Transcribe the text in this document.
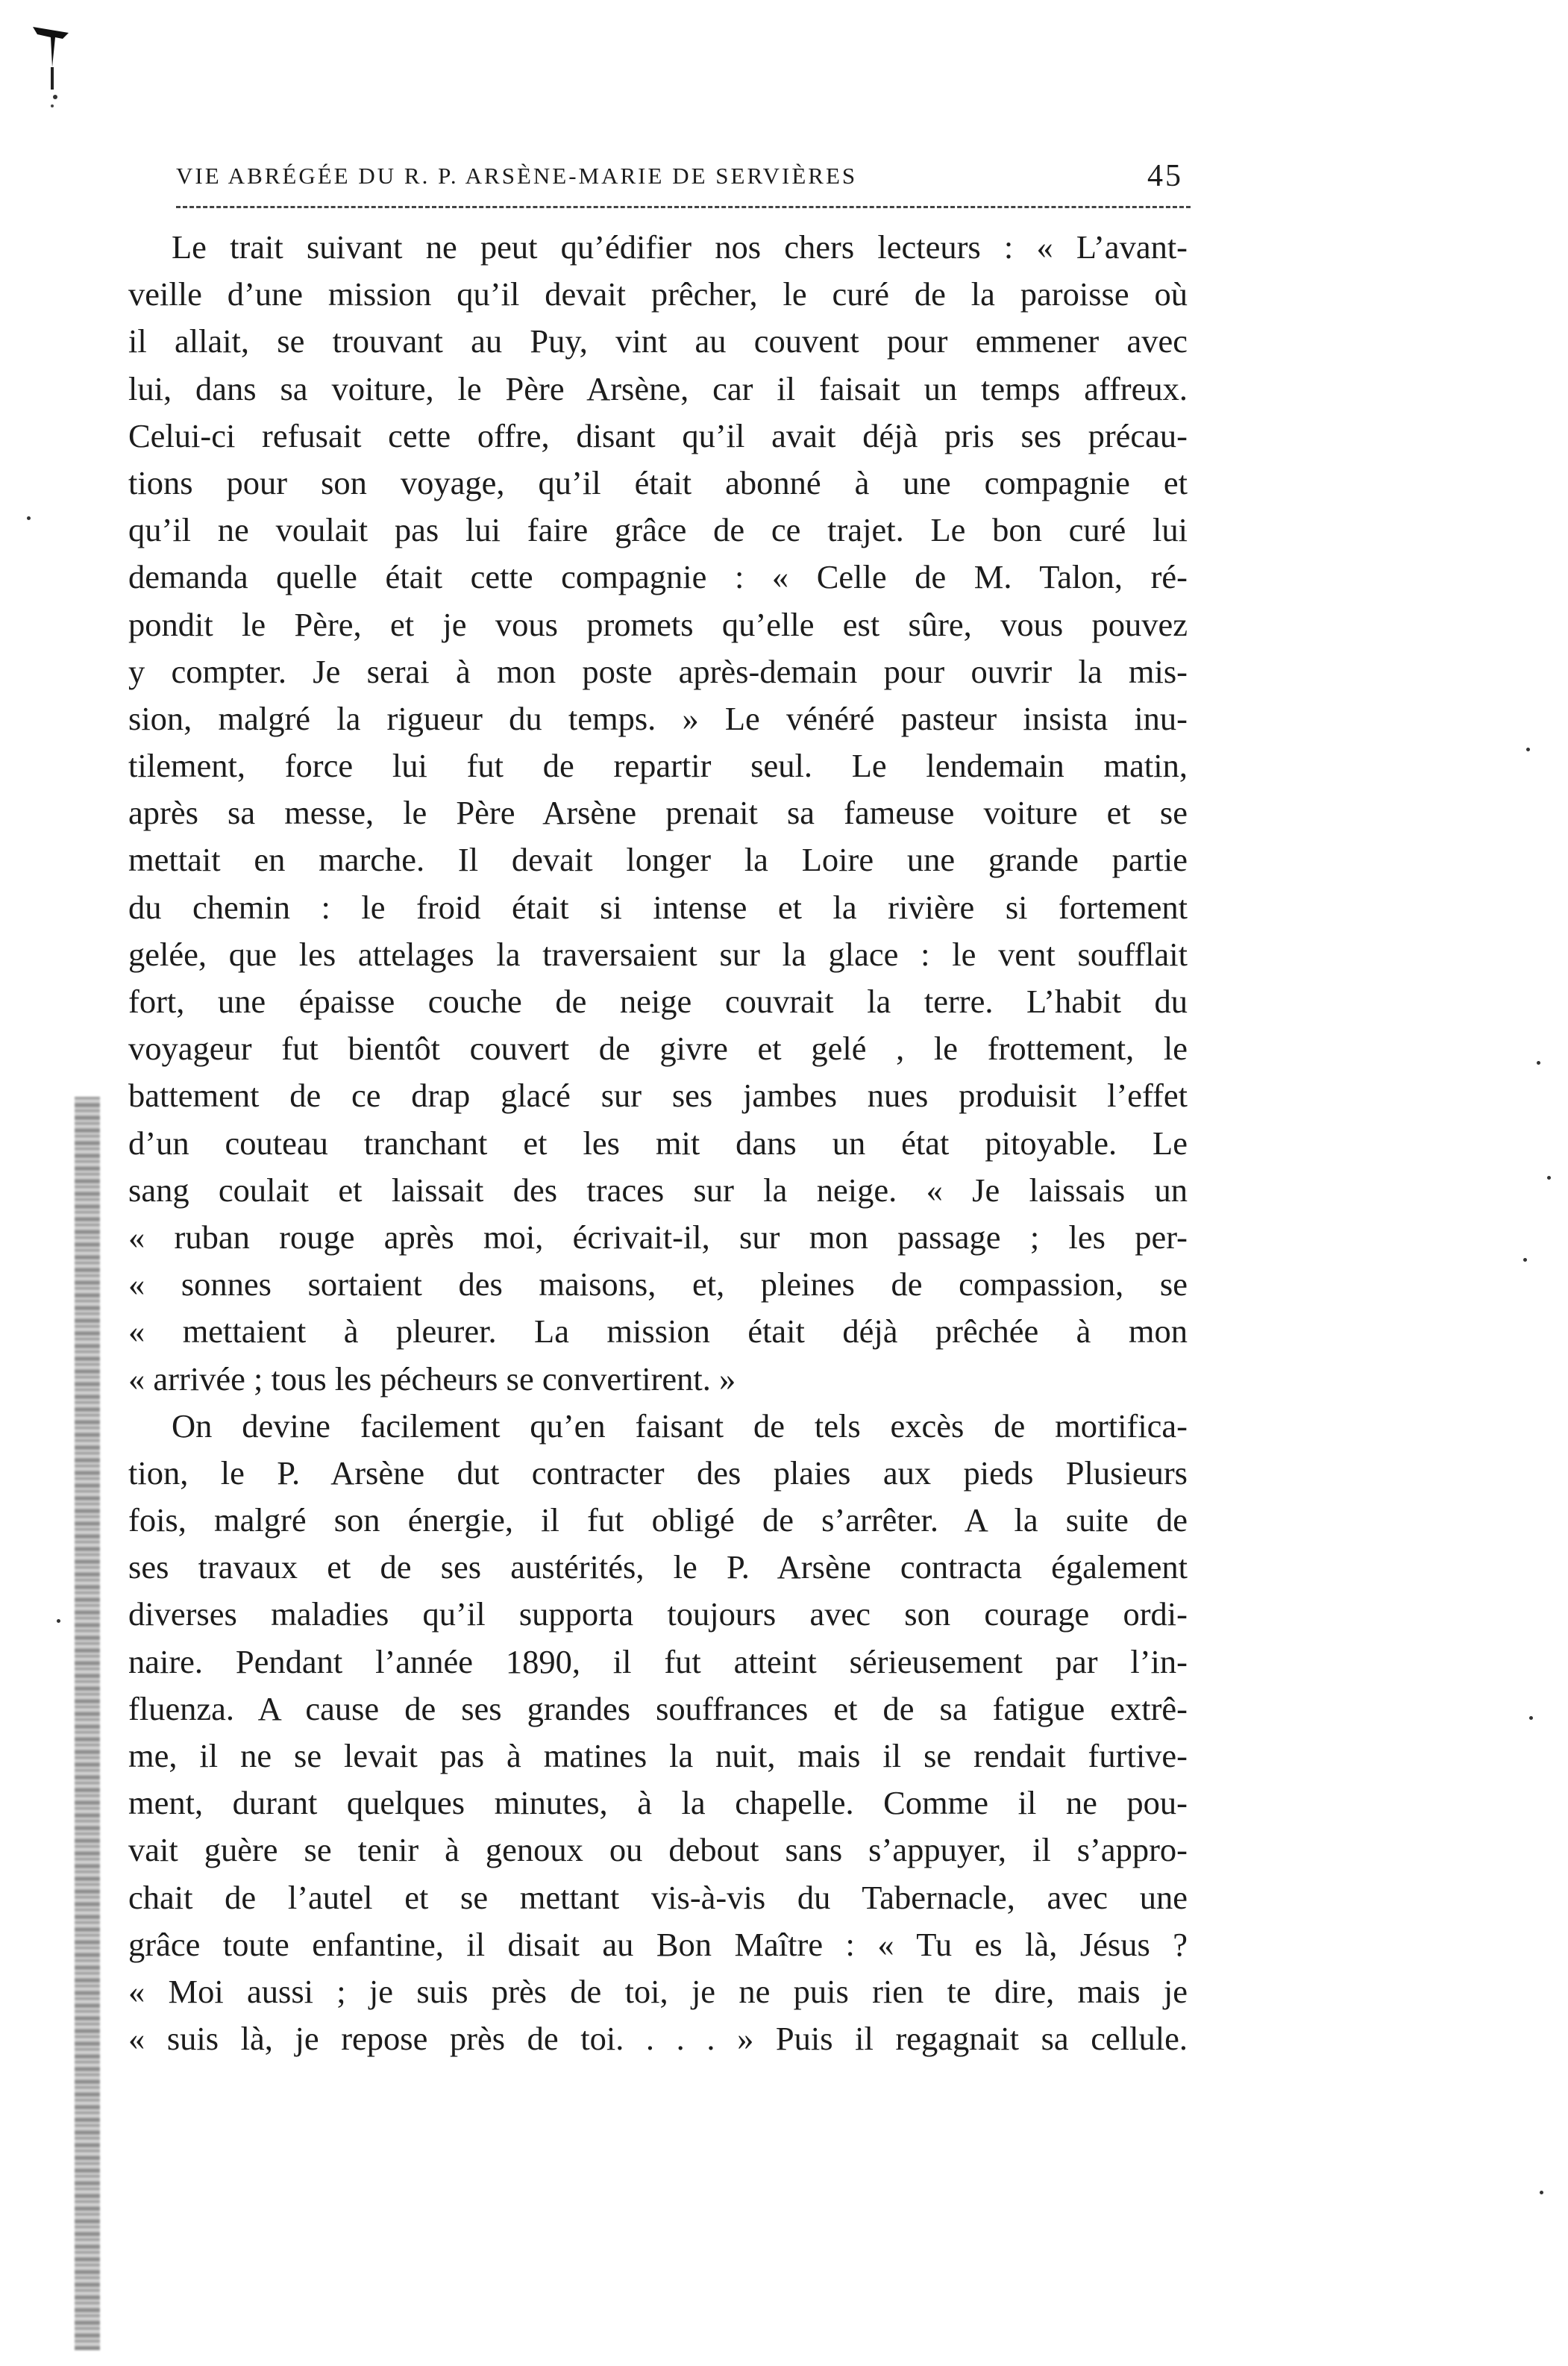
VIE ABRÉGÉE DU R. P. ARSÈNE-MARIE DE SERVIÈRES	45

Le trait suivant ne peut qu’édifier nos chers lecteurs : « L’avant-

veille d’une mission qu’il devait prêcher, le curé de la paroisse où

il allait, se trouvant au Puy, vint au couvent pour emmener avec

lui, dans sa voiture, le Père Arsène, car il faisait un temps affreux.

Celui-ci refusait cette offre, disant qu’il avait déjà pris ses précau-

tions pour son voyage, qu’il était abonné à une compagnie et

qu’il ne voulait pas lui faire grâce de ce trajet. Le bon curé lui

demanda quelle était cette compagnie : « Celle de M. Talon, ré-

pondit le Père, et je vous promets qu’elle est sûre, vous pouvez

y compter. Je serai à mon poste après-demain pour ouvrir la mis-

sion, malgré la rigueur du temps. » Le vénéré pasteur insista inu-

tilement, force lui fut de repartir seul. Le lendemain matin,

après sa messe, le Père Arsène prenait sa fameuse voiture et se

mettait en marche. Il devait longer la Loire une grande partie

du chemin : le froid était si intense et la rivière si fortement

gelée, que les attelages la traversaient sur la glace : le vent soufflait

fort, une épaisse couche de neige couvrait la terre. L’habit du

voyageur fut bientôt couvert de givre et gelé , le frottement, le

battement de ce drap glacé sur ses jambes nues produisit l’effet

d’un couteau tranchant et les mit dans un état pitoyable. Le

sang coulait et laissait des traces sur la neige. « Je laissais un

« ruban rouge après moi, écrivait-il, sur mon passage ; les per-

« sonnes sortaient des maisons, et, pleines de compassion, se

« mettaient à pleurer. La mission était déjà prêchée à mon

« arrivée ; tous les pécheurs se convertirent. »

On devine facilement qu’en faisant de tels excès de mortifica-

tion, le P. Arsène dut contracter des plaies aux pieds Plusieurs

fois, malgré son énergie, il fut obligé de s’arrêter. A la suite de

ses travaux et de ses austérités, le P. Arsène contracta également

diverses maladies qu’il supporta toujours avec son courage ordi-

naire. Pendant l’année 1890, il fut atteint sérieusement par l’in-

fluenza. A cause de ses grandes souffrances et de sa fatigue extrê-

me, il ne se levait pas à matines la nuit, mais il se rendait furtive-

ment, durant quelques minutes, à la chapelle. Comme il ne pou-

vait guère se tenir à genoux ou debout sans s’appuyer, il s’appro-

chait de l’autel et se mettant vis-à-vis du Tabernacle, avec une

grâce toute enfantine, il disait au Bon Maître : « Tu es là, Jésus ?

« Moi aussi ; je suis près de toi, je ne puis rien te dire, mais je

« suis là, je repose près de toi. . . . » Puis il regagnait sa cellule.
